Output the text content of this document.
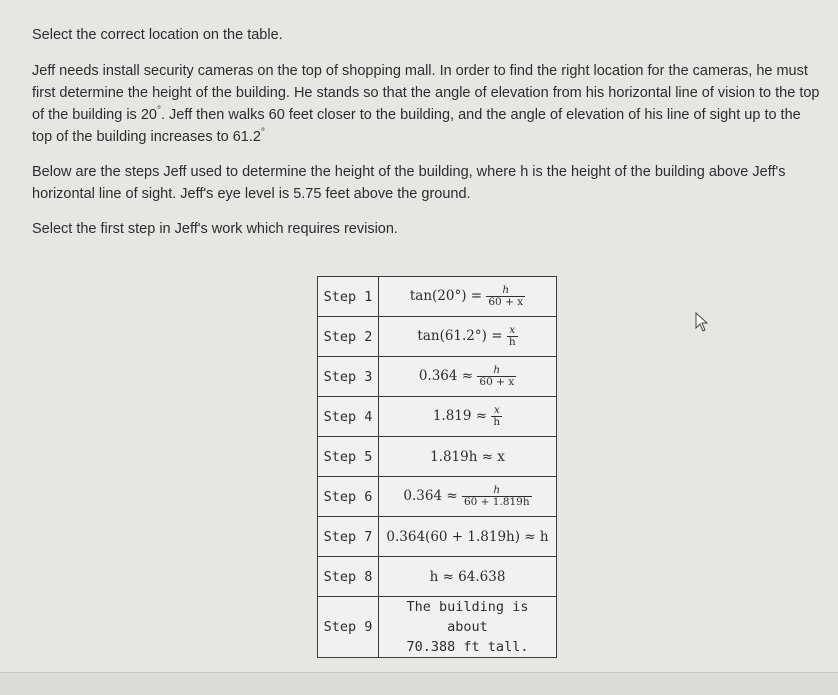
Select the correct location on the table.

Jeff needs install security cameras on the top of shopping mall. In order to find the right location for the cameras, he must first determine the height of the building. He stands so that the angle of elevation from his horizontal line of vision to the top of the building is 20°. Jeff then walks 60 feet closer to the building, and the angle of elevation of his line of sight up to the top of the building increases to 61.2°

Below are the steps Jeff used to determine the height of the building, where h is the height of the building above Jeff's horizontal line of sight. Jeff's eye level is 5.75 feet above the ground.

Select the first step in Jeff's work which requires revision.

Step 1	$\tan(20^\circ) = \frac{h}{60 + x}$

Step 2	$\tan(61.2^\circ) = \frac{x}{h}$

Step 3	$0.364 \approx \frac{h}{60 + x}$

Step 4	$1.819 \approx \frac{x}{h}$

Step 5	1.819h ≈ x
Step 6	$0.364 \approx \frac{h}{60 + 1.819h}$

Step 7	0.364(60 + 1.819h) ≈ h
Step 8	h ≈ 64.638
Step 9	The building is about
70.388 ft tall.
